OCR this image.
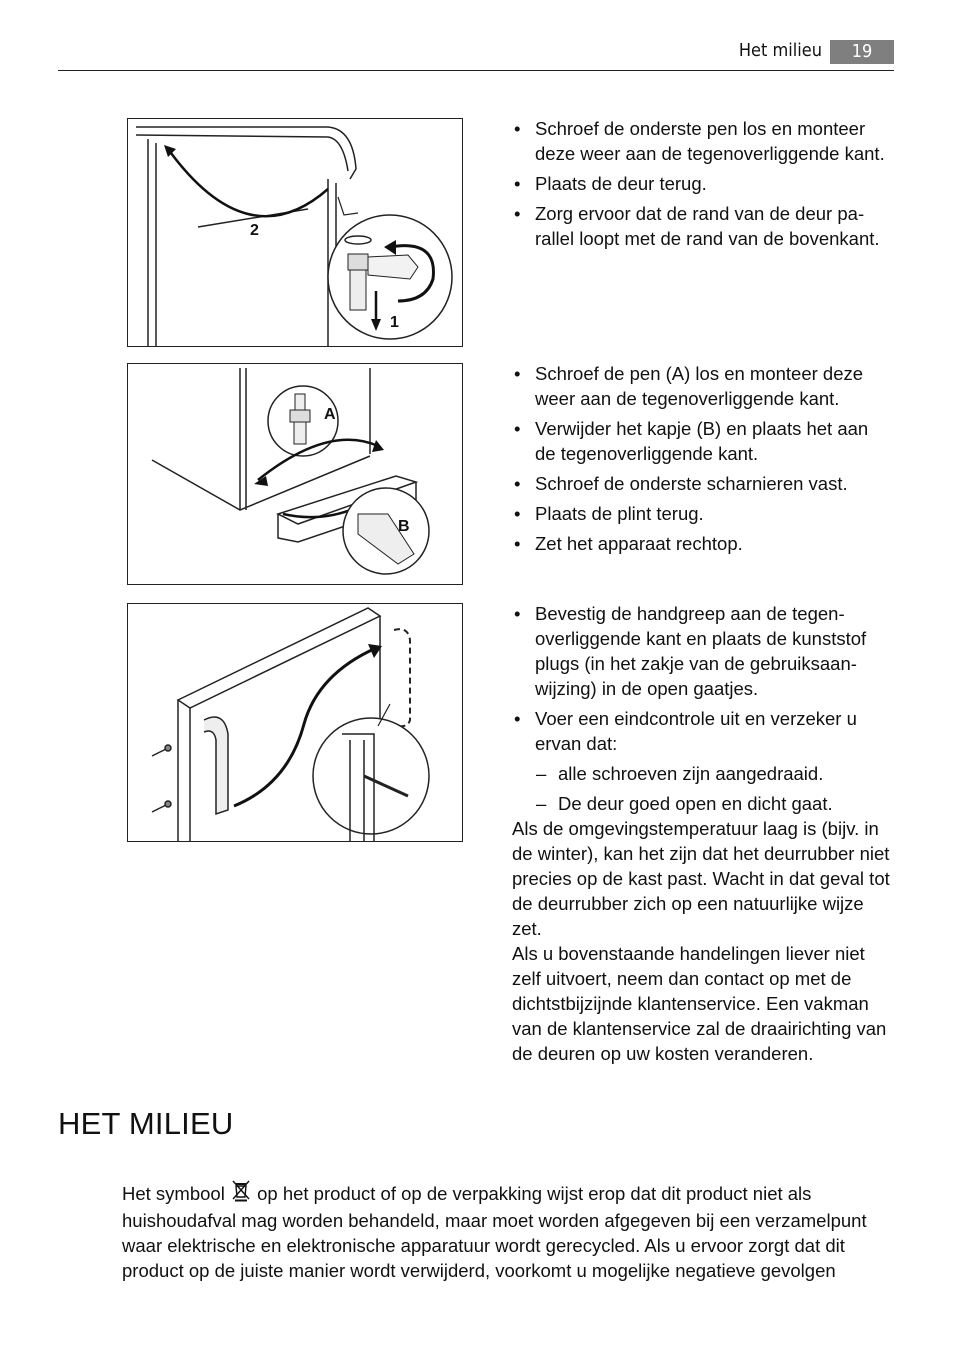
Het milieu	19
2
1
• Schroef de onderste pen los en monteer deze weer aan de tegenoverliggende kant.
• Plaats de deur terug.
• Zorg ervoor dat de rand van de deur parallel loopt met de rand van de bovenkant.
A
B
• Schroef de pen (A) los en monteer deze weer aan de tegenoverliggende kant.
• Verwijder het kapje (B) en plaats het aan de tegenoverliggende kant.
• Schroef de onderste scharnieren vast.
• Plaats de plint terug.
• Zet het apparaat rechtop.
• Bevestig de handgreep aan de tegenoverliggende kant en plaats de kunststof plugs (in het zakje van de gebruiksaanwijzing) in de open gaatjes.
• Voer een eindcontrole uit en verzeker u ervan dat:
– alle schroeven zijn aangedraaid.
– De deur goed open en dicht gaat.

Als de omgevingstemperatuur laag is (bijv. in de winter), kan het zijn dat het deurrubber niet precies op de kast past. Wacht in dat geval tot de deurrubber zich op een natuurlijke wijze zet.

Als u bovenstaande handelingen liever niet zelf uitvoert, neem dan contact op met de dichtstbijzijnde klantenservice. Een vakman van de klantenservice zal de draairichting van de deuren op uw kosten veranderen.

HET MILIEU
Het symbool op het product of op de verpakking wijst erop dat dit product niet als huishoudafval mag worden behandeld, maar moet worden afgegeven bij een verzamelpunt waar elektrische en elektronische apparatuur wordt gerecycled. Als u ervoor zorgt dat dit product op de juiste manier wordt verwijderd, voorkomt u mogelijke negatieve gevolgen
